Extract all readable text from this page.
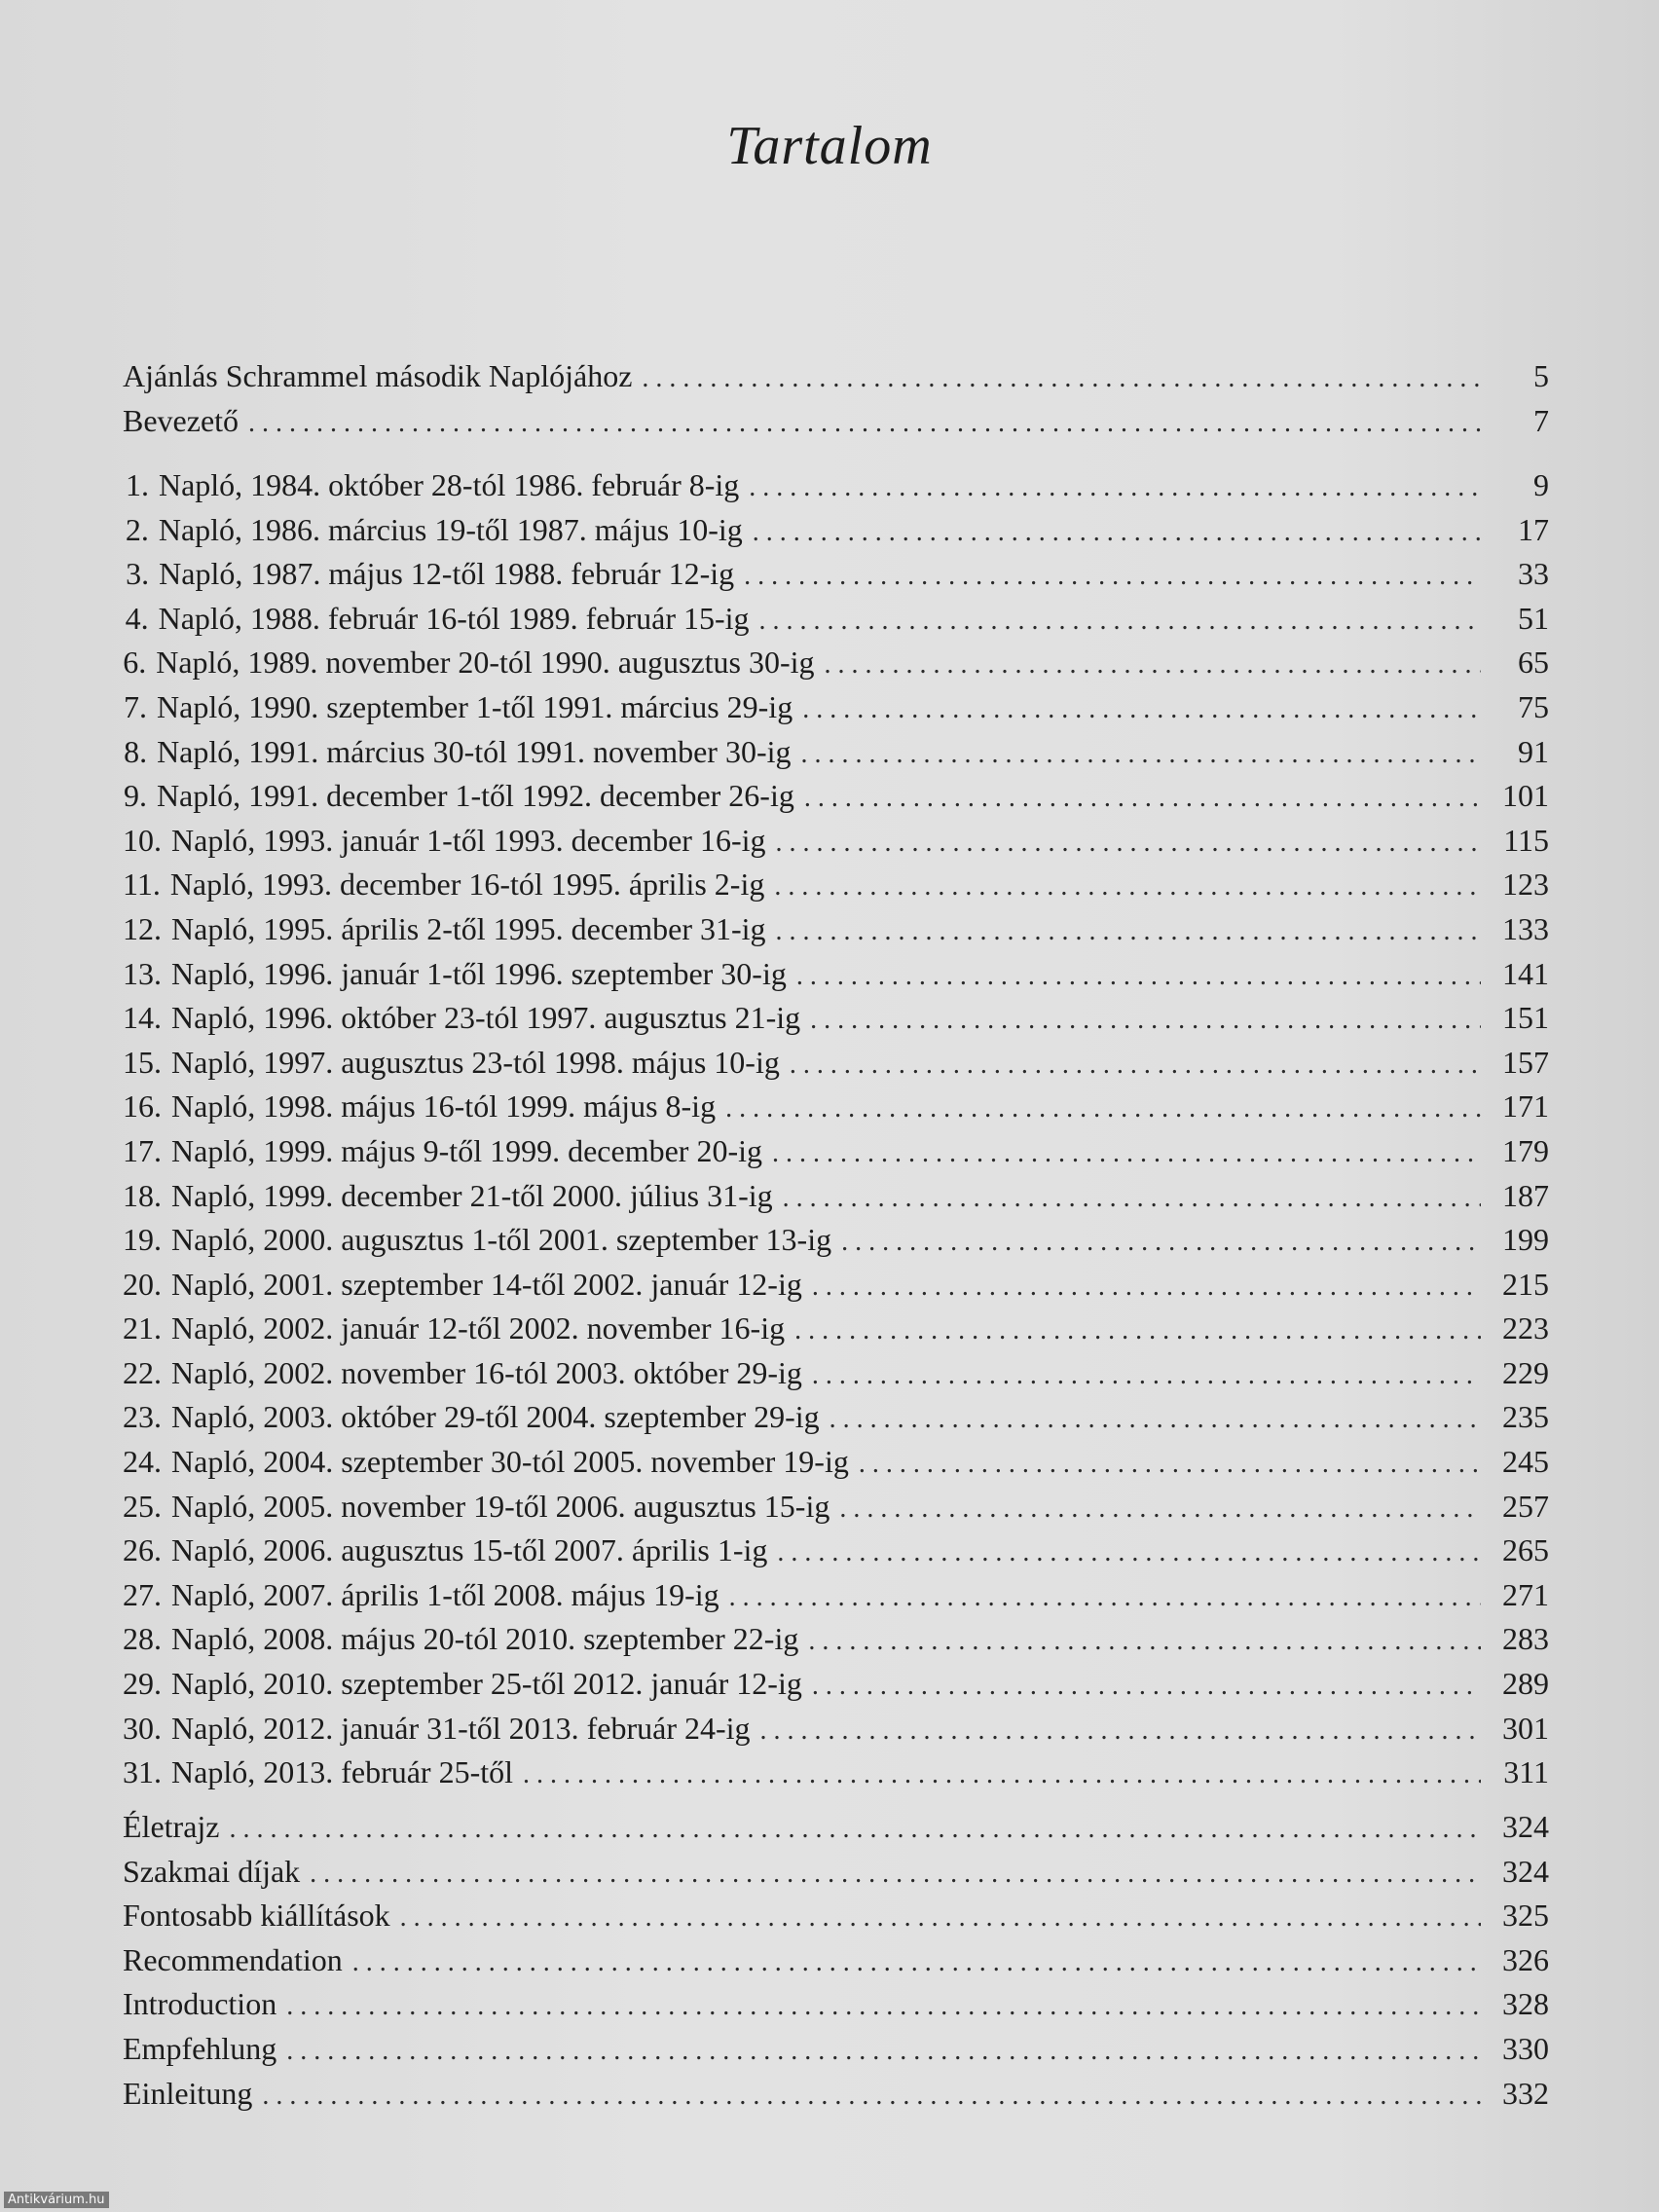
Tartalom
Ajánlás Schrammel második Naplójához . . .	5
Bevezető . . .	7
1. Napló, 1984. október 28-tól 1986. február 8-ig . . .	9
2. Napló, 1986. március 19-től 1987. május 10-ig . . .	17
3. Napló, 1987. május 12-től 1988. február 12-ig . . .	33
4. Napló, 1988. február 16-tól 1989. február 15-ig . . .	51
6. Napló, 1989. november 20-tól 1990. augusztus 30-ig . . .	65
7. Napló, 1990. szeptember 1-től 1991. március 29-ig . . .	75
8. Napló, 1991. március 30-tól 1991. november 30-ig . . .	91
9. Napló, 1991. december 1-től 1992. december 26-ig . . .	101
10. Napló, 1993. január 1-től 1993. december 16-ig . . .	115
11. Napló, 1993. december 16-tól 1995. április 2-ig . . .	123
12. Napló, 1995. április 2-től 1995. december 31-ig . . .	133
13. Napló, 1996. január 1-től 1996. szeptember 30-ig . . .	141
14. Napló, 1996. október 23-tól 1997. augusztus 21-ig . . .	151
15. Napló, 1997. augusztus 23-tól 1998. május 10-ig . . .	157
16. Napló, 1998. május 16-tól 1999. május 8-ig . . .	171
17. Napló, 1999. május 9-től 1999. december 20-ig . . .	179
18. Napló, 1999. december 21-től 2000. július 31-ig . . .	187
19. Napló, 2000. augusztus 1-től 2001. szeptember 13-ig . . .	199
20. Napló, 2001. szeptember 14-től 2002. január 12-ig . . .	215
21. Napló, 2002. január 12-től 2002. november 16-ig . . .	223
22. Napló, 2002. november 16-tól 2003. október 29-ig . . .	229
23. Napló, 2003. október 29-től 2004. szeptember 29-ig . . .	235
24. Napló, 2004. szeptember 30-tól 2005. november 19-ig . . .	245
25. Napló, 2005. november 19-től 2006. augusztus 15-ig . . .	257
26. Napló, 2006. augusztus 15-től 2007. április 1-ig . . .	265
27. Napló, 2007. április 1-től 2008. május 19-ig . . .	271
28. Napló, 2008. május 20-tól 2010. szeptember 22-ig . . .	283
29. Napló, 2010. szeptember 25-től 2012. január 12-ig . . .	289
30. Napló, 2012. január 31-től 2013. február 24-ig . . .	301
31. Napló, 2013. február 25-től . . .	311
Életrajz . . .	324
Szakmai díjak . . .	324
Fontosabb kiállítások . . .	325
Recommendation . . .	326
Introduction . . .	328
Empfehlung . . .	330
Einleitung . . .	332
Antikvárium.hu
